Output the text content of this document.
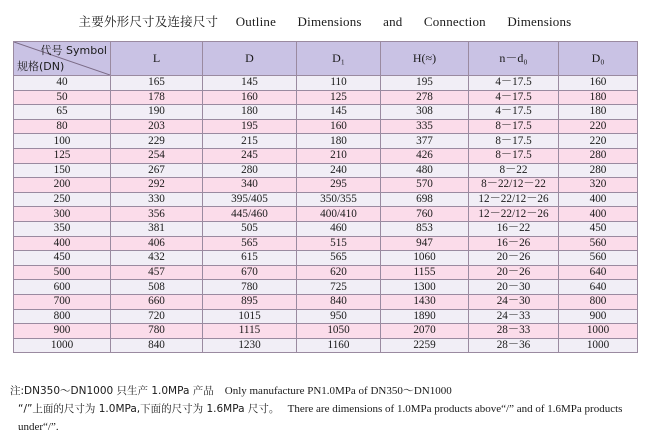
主要外形尺寸及连接尺寸 Outline Dimensions and Connection Dimensions
代号 Symbol
规格(DN)	L	D	D₁	H(≈)	n－d₀	D₀
40	165	145	110	195	4－17.5	160
50	178	160	125	278	4－17.5	180
65	190	180	145	308	4－17.5	180
80	203	195	160	335	8－17.5	220
100	229	215	180	377	8－17.5	220
125	254	245	210	426	8－17.5	280
150	267	280	240	480	8－22	280
200	292	340	295	570	8－22/12－22	320
250	330	395/405	350/355	698	12－22/12－26	400
300	356	445/460	400/410	760	12－22/12－26	400
350	381	505	460	853	16－22	450
400	406	565	515	947	16－26	560
450	432	615	565	1060	20－26	560
500	457	670	620	1155	20－26	640
600	508	780	725	1300	20－30	640
700	660	895	840	1430	24－30	800
800	720	1015	950	1890	24－33	900
900	780	1115	1050	2070	28－33	1000
1000	840	1230	1160	2259	28－36	1000
注:DN350～DN1000 只生产 1.0MPa 产品 Only manufacture PN1.0MPa of DN350～DN1000
“/”上面的尺寸为 1.0MPa,下面的尺寸为 1.6MPa 尺寸。 There are dimensions of 1.0MPa products above“/” and of 1.6MPa products under“/”.
